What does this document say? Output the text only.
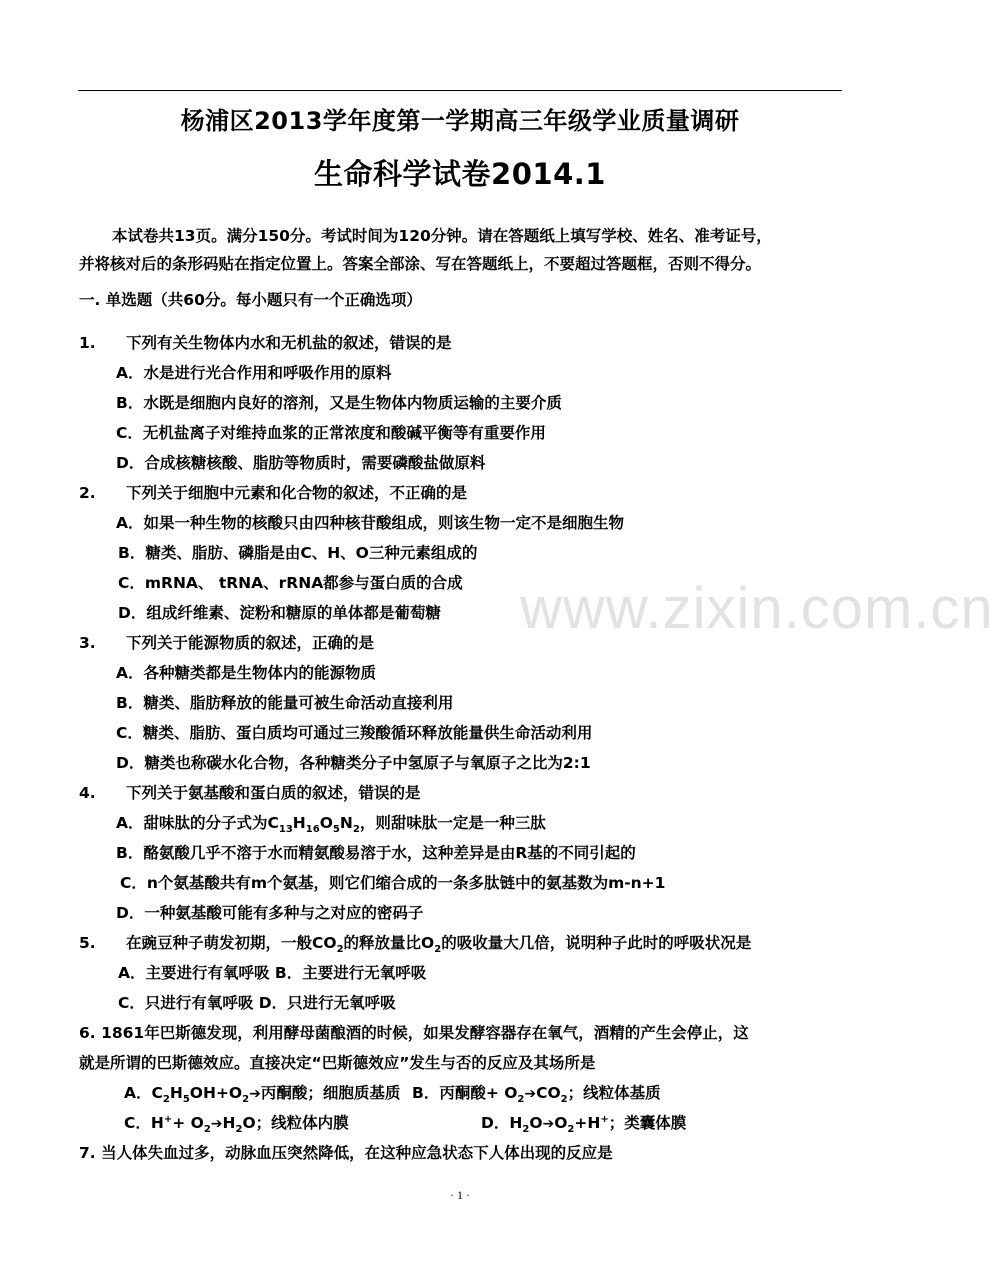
www.zixin.com.cn
杨浦区2013学年度第一学期高三年级学业质量调研
生命科学试卷2014.1
本试卷共13页。满分150分。考试时间为120分钟。请在答题纸上填写学校、姓名、准考证号，
并将核对后的条形码贴在指定位置上。答案全部涂、写在答题纸上，不要超过答题框，否则不得分。
一. 单选题（共60分。每小题只有一个正确选项）
1. 下列有关生物体内水和无机盐的叙述，错误的是
A．水是进行光合作用和呼吸作用的原料
B．水既是细胞内良好的溶剂，又是生物体内物质运输的主要介质
C．无机盐离子对维持血浆的正常浓度和酸碱平衡等有重要作用
D．合成核糖核酸、脂肪等物质时，需要磷酸盐做原料
2. 下列关于细胞中元素和化合物的叙述，不正确的是
A．如果一种生物的核酸只由四种核苷酸组成，则该生物一定不是细胞生物
B．糖类、脂肪、磷脂是由C、H、O三种元素组成的
C．mRNA、 tRNA、rRNA都参与蛋白质的合成
D．组成纤维素、淀粉和糖原的单体都是葡萄糖
3. 下列关于能源物质的叙述，正确的是
A．各种糖类都是生物体内的能源物质
B．糖类、脂肪释放的能量可被生命活动直接利用
C．糖类、脂肪、蛋白质均可通过三羧酸循环释放能量供生命活动利用
D．糖类也称碳水化合物，各种糖类分子中氢原子与氧原子之比为2:1
4. 下列关于氨基酸和蛋白质的叙述，错误的是
A．甜味肽的分子式为$C_{13}H_{16}O_5N_2$，则甜味肽一定是一种三肽
B．酪氨酸几乎不溶于水而精氨酸易溶于水，这种差异是由R基的不同引起的
C．n个氨基酸共有m个氨基，则它们缩合成的一条多肽链中的氨基数为m-n+1
D．一种氨基酸可能有多种与之对应的密码子
5. 在豌豆种子萌发初期，一般$CO_2$的释放量比$O_2$的吸收量大几倍，说明种子此时的呼吸状况是
A．主要进行有氧呼吸 B．主要进行无氧呼吸
C．只进行有氧呼吸 D．只进行无氧呼吸
6. 1861年巴斯德发现，利用酵母菌酿酒的时候，如果发酵容器存在氧气，酒精的产生会停止，这
就是所谓的巴斯德效应。直接决定“巴斯德效应”发生与否的反应及其场所是
A．$C_2H_5OH+O_2➔$丙酮酸；细胞质基质 B．丙酮酸+ $O_2➔CO_2$；线粒体基质
C．$H^++ O_2➔H_2O$；线粒体内膜	D．$H_2O➔O_2+H^+$；类囊体膜
7. 当人体失血过多，动脉血压突然降低，在这种应急状态下人体出现的反应是
· 1 ·
